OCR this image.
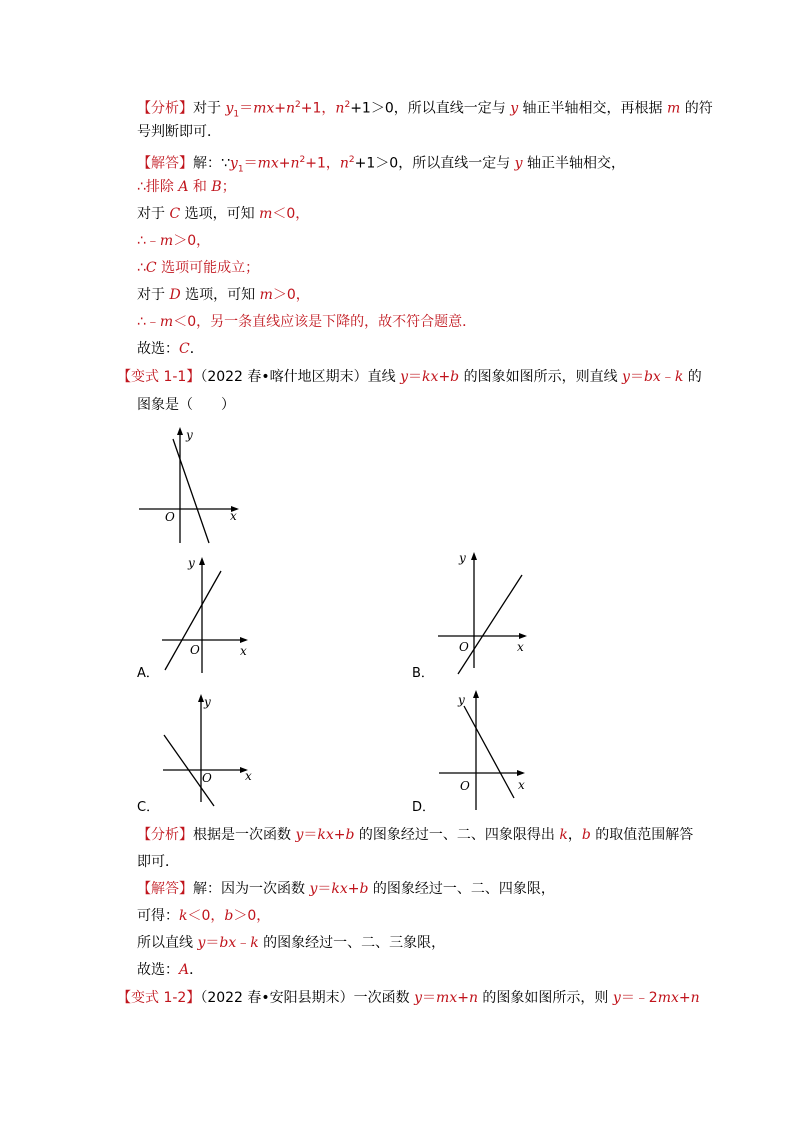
【分析】对于 $y_1=mx+n^2+1$，$n^2+1>0$，所以直线一定与 y 轴正半轴相交，再根据 m 的符
号判断即可．
【解答】解：$\because y_1=mx+n^2+1$，$n^2+1>0$，所以直线一定与 y 轴正半轴相交，
∴排除 A 和 B；
对于 C 选项，可知 m＜0，
∴﹣m＞0，
∴C 选项可能成立；
对于 D 选项，可知 m＞0，
∴﹣m＜0，另一条直线应该是下降的，故不符合题意．
故选：C．
【变式 1-1】（2022 春•喀什地区期末）直线 y＝kx+b 的图象如图所示，则直线 y＝bx﹣k 的
图象是（　　）
y
x
O
y
x
O
A．
y
x
O
B．
y
x
O
C．
y
x
O
D．
【分析】根据是一次函数 y＝kx+b 的图象经过一、二、四象限得出 k，b 的取值范围解答
即可．
【解答】解：因为一次函数 y＝kx+b 的图象经过一、二、四象限，
可得：k＜0，b＞0，
所以直线 y＝bx﹣k 的图象经过一、二、三象限，
故选：A．
【变式 1-2】（2022 春•安阳县期末）一次函数 y＝mx+n 的图象如图所示，则 y＝﹣2mx+n
